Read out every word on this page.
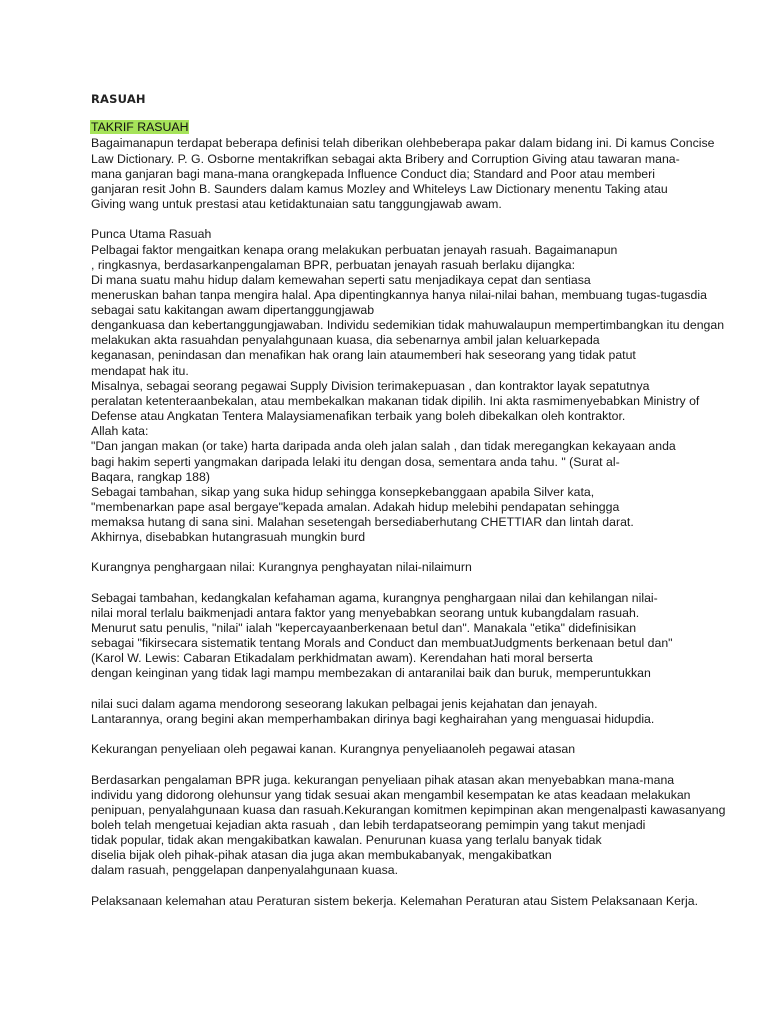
RASUAH
TAKRIF RASUAH
Bagaimanapun terdapat beberapa definisi telah diberikan olehbeberapa pakar dalam bidang ini. Di kamus Concise
Law Dictionary. P. G. Osborne mentakrifkan sebagai akta Bribery and Corruption Giving atau tawaran mana-
mana ganjaran bagi mana-mana orangkepada Influence Conduct dia; Standard and Poor atau memberi
ganjaran resit John B. Saunders dalam kamus Mozley and Whiteleys Law Dictionary menentu Taking atau
Giving wang untuk prestasi atau ketidaktunaian satu tanggungjawab awam.
Punca Utama Rasuah
Pelbagai faktor mengaitkan kenapa orang melakukan perbuatan jenayah rasuah. Bagaimanapun
, ringkasnya, berdasarkanpengalaman BPR, perbuatan jenayah rasuah berlaku dijangka:
Di mana suatu mahu hidup dalam kemewahan seperti satu menjadikaya cepat dan sentiasa
meneruskan bahan tanpa mengira halal. Apa dipentingkannya hanya nilai-nilai bahan, membuang tugas-tugasdia
sebagai satu kakitangan awam dipertanggungjawab
dengankuasa dan kebertanggungjawaban. Individu sedemikian tidak mahuwalaupun mempertimbangkan itu dengan
melakukan akta rasuahdan penyalahgunaan kuasa, dia sebenarnya ambil jalan keluarkepada
keganasan, penindasan dan menafikan hak orang lain ataumemberi hak seseorang yang tidak patut
mendapat hak itu.
Misalnya, sebagai seorang pegawai Supply Division terimakepuasan , dan kontraktor layak sepatutnya
peralatan ketenteraanbekalan, atau membekalkan makanan tidak dipilih. Ini akta rasmimenyebabkan Ministry of
Defense atau Angkatan Tentera Malaysiamenafikan terbaik yang boleh dibekalkan oleh kontraktor.
Allah kata:
"Dan jangan makan (or take) harta daripada anda oleh jalan salah , dan tidak meregangkan kekayaan anda
bagi hakim seperti yangmakan daripada lelaki itu dengan dosa, sementara anda tahu. " (Surat al-
Baqara, rangkap 188)
Sebagai tambahan, sikap yang suka hidup sehingga konsepkebanggaan apabila Silver kata,
"membenarkan pape asal bergaye"kepada amalan. Adakah hidup melebihi pendapatan sehingga
memaksa hutang di sana sini. Malahan sesetengah bersediaberhutang CHETTIAR dan lintah darat.
Akhirnya, disebabkan hutangrasuah mungkin burd
Kurangnya penghargaan nilai: Kurangnya penghayatan nilai-nilaimurn
Sebagai tambahan, kedangkalan kefahaman agama, kurangnya penghargaan nilai dan kehilangan nilai-
nilai moral terlalu baikmenjadi antara faktor yang menyebabkan seorang untuk kubangdalam rasuah.
Menurut satu penulis, "nilai" ialah "kepercayaanberkenaan betul dan". Manakala "etika" didefinisikan
sebagai "fikirsecara sistematik tentang Morals and Conduct dan membuatJudgments berkenaan betul dan"
(Karol W. Lewis: Cabaran Etikadalam perkhidmatan awam). Kerendahan hati moral berserta
dengan keinginan yang tidak lagi mampu membezakan di antaranilai baik dan buruk, memperuntukkan
nilai suci dalam agama mendorong seseorang lakukan pelbagai jenis kejahatan dan jenayah.
Lantarannya, orang begini akan memperhambakan dirinya bagi keghairahan yang menguasai hidupdia.
Kekurangan penyeliaan oleh pegawai kanan. Kurangnya penyeliaanoleh pegawai atasan
Berdasarkan pengalaman BPR juga. kekurangan penyeliaan pihak atasan akan menyebabkan mana-mana
individu yang didorong olehunsur yang tidak sesuai akan mengambil kesempatan ke atas keadaan melakukan
penipuan, penyalahgunaan kuasa dan rasuah.Kekurangan komitmen kepimpinan akan mengenalpasti kawasanyang
boleh telah mengetuai kejadian akta rasuah , dan lebih terdapatseorang pemimpin yang takut menjadi
tidak popular, tidak akan mengakibatkan kawalan. Penurunan kuasa yang terlalu banyak tidak
diselia bijak oleh pihak-pihak atasan dia juga akan membukabanyak, mengakibatkan
dalam rasuah, penggelapan danpenyalahgunaan kuasa.
Pelaksanaan kelemahan atau Peraturan sistem bekerja. Kelemahan Peraturan atau Sistem Pelaksanaan Kerja.
